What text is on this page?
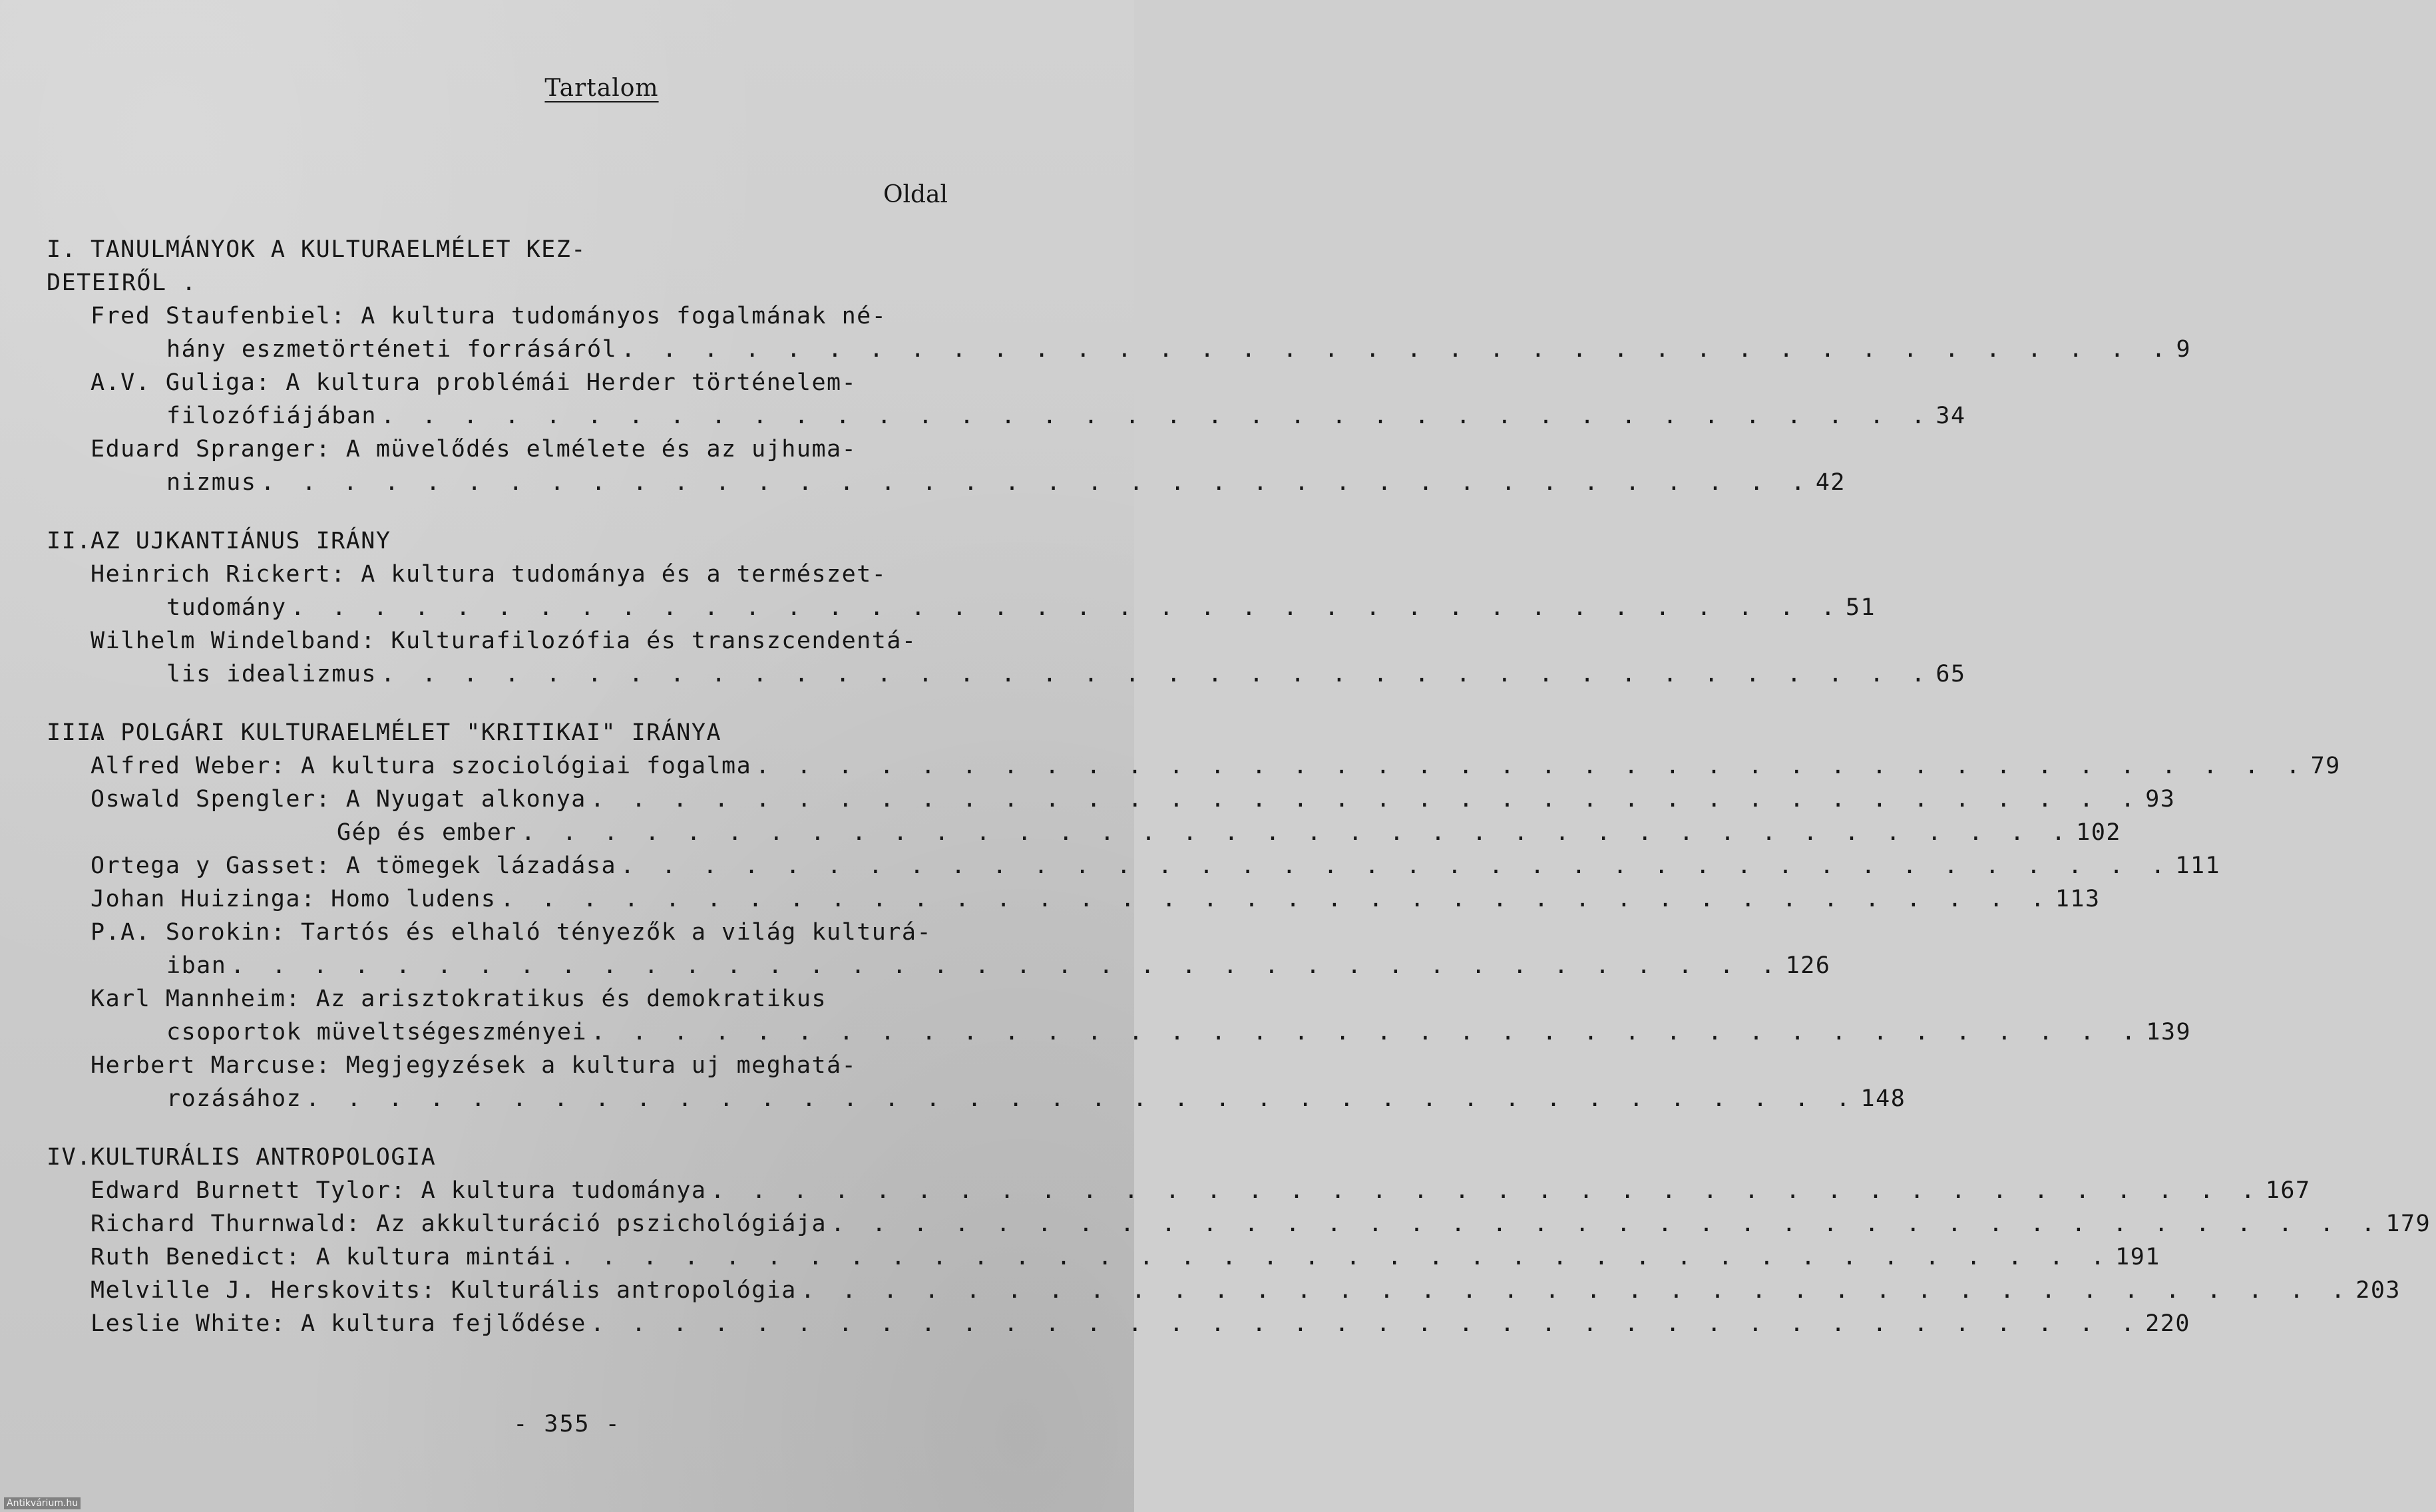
Tartalom
Oldal
I. TANULMÁNYOK A KULTURAELMÉLET KEZ-
DETEIRŐL .
Fred Staufenbiel: A kultura tudományos fogalmának né-
hány eszmetörténeti forrásáról . . . . . . . . . . . . . . . . . . . . . . . . . . . . . . . . . . . . . . 9
A.V. Guliga: A kultura problémái Herder történelem-
filozófiájában . . . . . . . . . . . . . . . . . . . . . . . . . . . . . . . . . . . . . . 34
Eduard Spranger: A müvelődés elmélete és az ujhuma-
nizmus . . . . . . . . . . . . . . . . . . . . . . . . . . . . . . . . . . . . . . 42
II.AZ UJKANTIÁNUS IRÁNY
Heinrich Rickert: A kultura tudománya és a természet-
tudomány . . . . . . . . . . . . . . . . . . . . . . . . . . . . . . . . . . . . . . 51
Wilhelm Windelband: Kulturafilozófia és transzcendentá-
lis idealizmus . . . . . . . . . . . . . . . . . . . . . . . . . . . . . . . . . . . . . . 65
III.A POLGÁRI KULTURAELMÉLET "KRITIKAI" IRÁNYA
Alfred Weber: A kultura szociológiai fogalma . . . . . . . . . . . . . . . . . . . . . . . . . . . . . . . . . . . . . . 79
Oswald Spengler: A Nyugat alkonya . . . . . . . . . . . . . . . . . . . . . . . . . . . . . . . . . . . . . . 93
Gép és ember . . . . . . . . . . . . . . . . . . . . . . . . . . . . . . . . . . . . . . 102
Ortega y Gasset: A tömegek lázadása . . . . . . . . . . . . . . . . . . . . . . . . . . . . . . . . . . . . . . 111
Johan Huizinga: Homo ludens . . . . . . . . . . . . . . . . . . . . . . . . . . . . . . . . . . . . . . 113
P.A. Sorokin: Tartós és elhaló tényezők a világ kulturá-
iban . . . . . . . . . . . . . . . . . . . . . . . . . . . . . . . . . . . . . . 126
Karl Mannheim: Az arisztokratikus és demokratikus
csoportok müveltségeszményei . . . . . . . . . . . . . . . . . . . . . . . . . . . . . . . . . . . . . . 139
Herbert Marcuse: Megjegyzések a kultura uj meghatá-
rozásához . . . . . . . . . . . . . . . . . . . . . . . . . . . . . . . . . . . . . . 148
IV.KULTURÁLIS ANTROPOLOGIA
Edward Burnett Tylor: A kultura tudománya . . . . . . . . . . . . . . . . . . . . . . . . . . . . . . . . . . . . . . 167
Richard Thurnwald: Az akkulturáció pszichológiája . . . . . . . . . . . . . . . . . . . . . . . . . . . . . . . . . . . . . . 179
Ruth Benedict: A kultura mintái . . . . . . . . . . . . . . . . . . . . . . . . . . . . . . . . . . . . . . 191
Melville J. Herskovits: Kulturális antropológia . . . . . . . . . . . . . . . . . . . . . . . . . . . . . . . . . . . . . . 203
Leslie White: A kultura fejlődése . . . . . . . . . . . . . . . . . . . . . . . . . . . . . . . . . . . . . . 220
- 355 -
Antikvárium.hu
